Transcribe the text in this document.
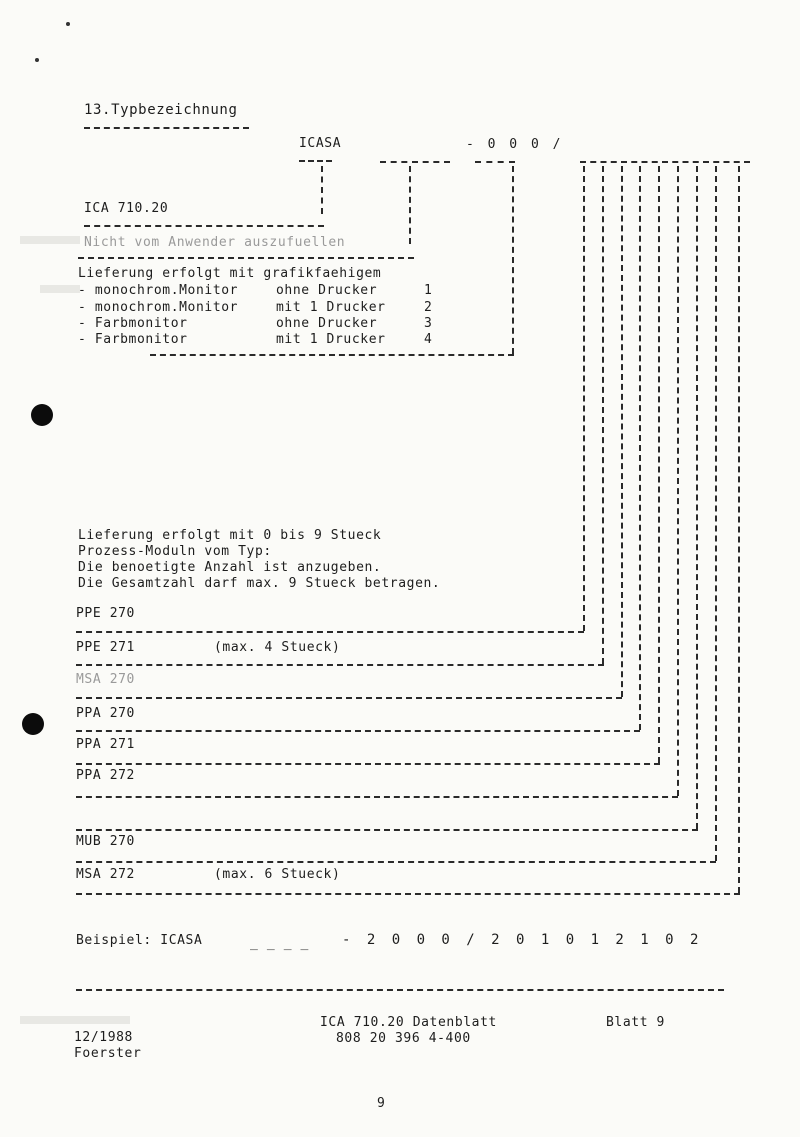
13.Typbezeichnung
ICASA	- 0 0 0 /
ICA 710.20
Nicht vom Anwender auszufuellen
Lieferung erfolgt mit grafikfaehigem
- monochrom.Monitor	ohne Drucker	1
- monochrom.Monitor	mit 1 Drucker	2
- Farbmonitor	ohne Drucker	3
- Farbmonitor	mit 1 Drucker	4
Lieferung erfolgt mit 0 bis 9 Stueck
Prozess-Moduln vom Typ:
Die benoetigte Anzahl ist anzugeben.
Die Gesamtzahl darf max. 9 Stueck betragen.
PPE 270
PPE 271	(max. 4 Stueck)
MSA 270
PPA 270
PPA 271
PPA 272
MUB 270
MSA 272	(max. 6 Stueck)
Beispiel: ICASA	_ _ _ _ - 2 0 0 0 / 2 0 1 0 1 2 1 0 2
12/1988
Foerster
ICA 710.20 Datenblatt
808 20 396 4-400
Blatt 9
9
